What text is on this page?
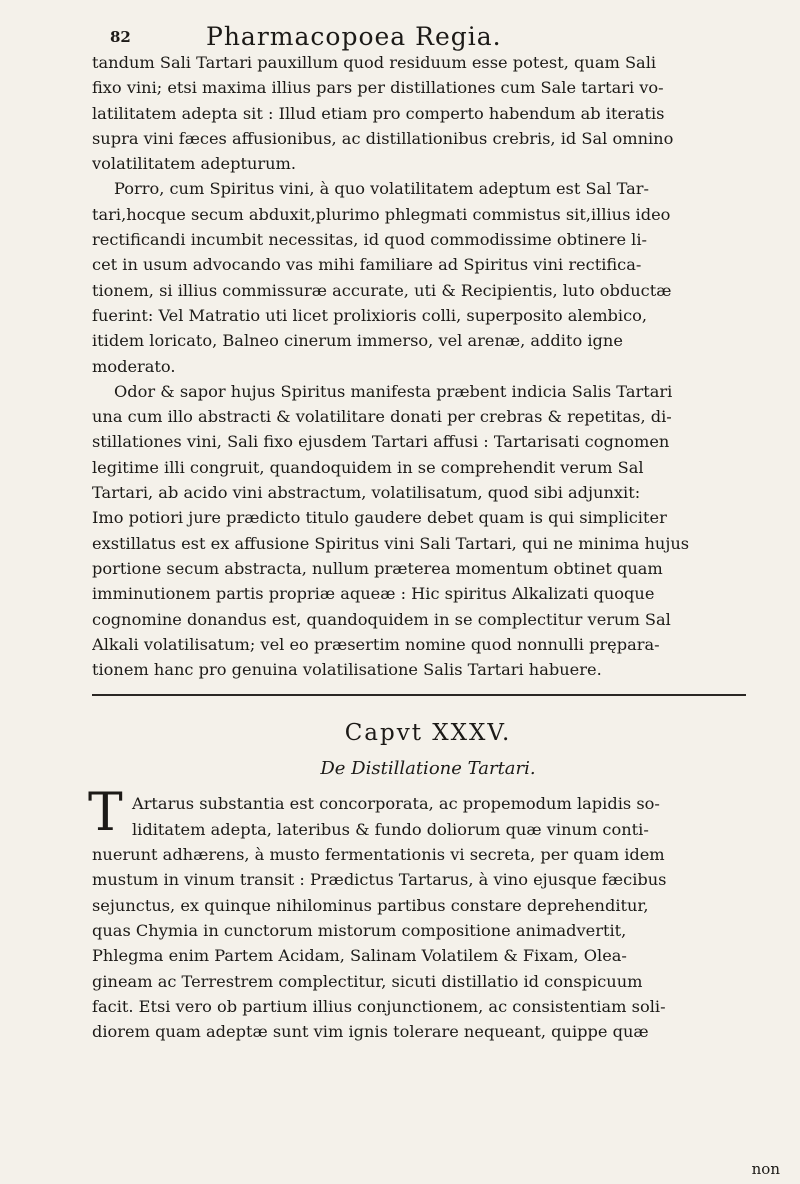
82	Pharmacopoea Regia.

tandum Sali Tartari pauxillum quod residuum esse potest, quam Sali
fixo vini; etsi maxima illius pars per distillationes cum Sale tartari vo-
latilitatem adepta sit : Illud etiam pro comperto habendum ab iteratis
supra vini fæces affusionibus, ac distillationibus crebris, id Sal omnino
volatilitatem adepturum.

Porro, cum Spiritus vini, à quo volatilitatem adeptum est Sal Tar-
tari,hocque secum abduxit,plurimo phlegmati commistus sit,illius ideo
rectificandi incumbit necessitas, id quod commodissime obtinere li-
cet in usum advocando vas mihi familiare ad Spiritus vini rectifica-
tionem, si illius commissuræ accurate, uti & Recipientis, luto obductæ
fuerint: Vel Matratio uti licet prolixioris colli, superposito alembico,
itidem loricato, Balneo cinerum immerso, vel arenæ, addito igne
moderato.

Odor & sapor hujus Spiritus manifesta præbent indicia Salis Tartari
una cum illo abstracti & volatilitare donati per crebras & repetitas, di-
stillationes vini, Sali fixo ejusdem Tartari affusi : Tartarisati cognomen
legitime illi congruit, quandoquidem in se comprehendit verum Sal
Tartari, ab acido vini abstractum, volatilisatum, quod sibi adjunxit:
Imo potiori jure prædicto titulo gaudere debet quam is qui simpliciter
exstillatus est ex affusione Spiritus vini Sali Tartari, qui ne minima hujus
portione secum abstracta, nullum præterea momentum obtinet quam
imminutionem partis propriæ aqueæ : Hic spiritus Alkalizati quoque
cognomine donandus est, quandoquidem in se complectitur verum Sal
Alkali volatilisatum; vel eo præsertim nomine quod nonnulli prępara-
tionem hanc pro genuina volatilisatione Salis Tartari habuere.

Capvt XXXV.
De Distillatione Tartari.
T Artarus substantia est concorporata, ac propemodum lapidis so-
liditatem adepta, lateribus & fundo doliorum quæ vinum conti-
nuerunt adhærens, à musto fermentationis vi secreta, per quam idem
mustum in vinum transit : Prædictus Tartarus, à vino ejusque fæcibus
sejunctus, ex quinque nihilominus partibus constare deprehenditur,
quas Chymia in cunctorum mistorum compositione animadvertit,
Phlegma enim Partem Acidam, Salinam Volatilem & Fixam, Olea-
gineam ac Terrestrem complectitur, sicuti distillatio id conspicuum
facit. Etsi vero ob partium illius conjunctionem, ac consistentiam soli-
diorem quam adeptæ sunt vim ignis tolerare nequeant, quippe quæ
non
